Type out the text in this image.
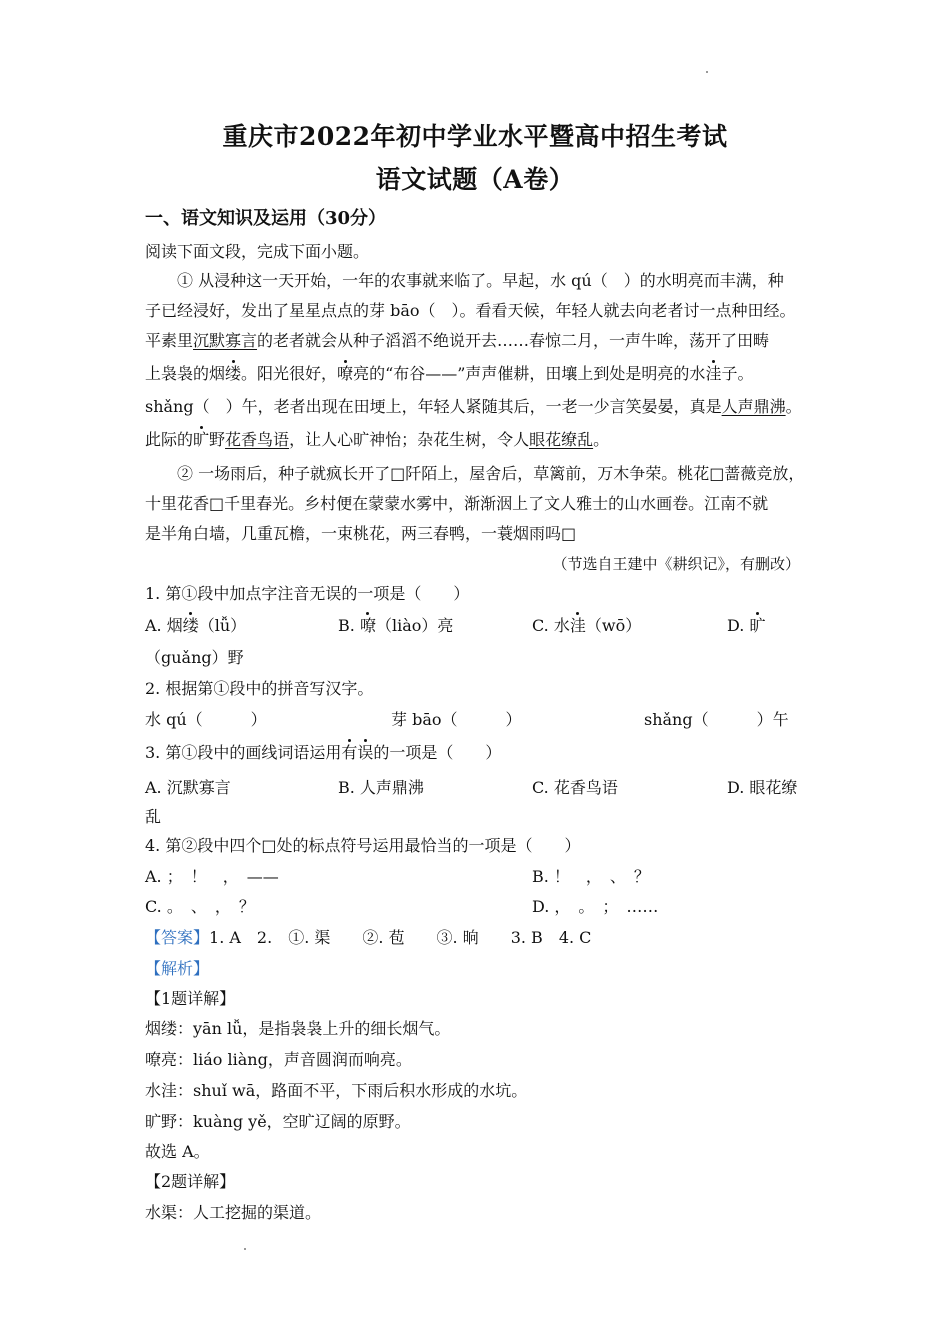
重庆市2022年初中学业水平暨高中招生考试
语文试题（A卷）
一、语文知识及运用（30分）
阅读下面文段，完成下面小题。
① 从浸种这一天开始，一年的农事就来临了。早起，水 qú（　）的水明亮而丰满，种
子已经浸好，发出了星星点点的芽 bāo（　）。看看天候，年轻人就去向老者讨一点种田经。
平素里沉默寡言的老者就会从种子滔滔不绝说开去……春惊二月，一声牛哞，荡开了田畴
上袅袅的烟缕。阳光很好，嘹亮的“布谷——”声声催耕，田壤上到处是明亮的水洼子。
shǎng（　）午，老者出现在田埂上，年轻人紧随其后，一老一少言笑晏晏，真是人声鼎沸。
此际的旷野花香鸟语，让人心旷神怡；杂花生树，令人眼花缭乱。
② 一场雨后，种子就疯长开了□阡陌上，屋舍后，草篱前，万木争荣。桃花□蔷薇竞放，
十里花香□千里春光。乡村便在蒙蒙水雾中，渐渐洇上了文人雅士的山水画卷。江南不就
是半角白墙，几重瓦檐，一束桃花，两三春鸭，一蓑烟雨吗□
（节选自王建中《耕织记》，有删改）
1. 第①段中加点字注音无误的一项是（　　）
A. 烟缕（lǚ）	B. 嘹（liào）亮	C. 水洼（wō）	D. 旷
（guǎng）野
2. 根据第①段中的拼音写汉字。
水 qú（　　　）	芽 bāo（　　　）	shǎng（　　　）午
3. 第①段中的画线词语运用有误的一项是（　　）
A. 沉默寡言	B. 人声鼎沸	C. 花香鸟语	D. 眼花缭
乱
4. 第②段中四个□处的标点符号运用最恰当的一项是（　　）
A. ；　！　，　——	B. ！　，　、　？
C. 。　、　，　？	D. ，　。　；　……
【答案】1. A　2.　①. 渠　　②. 苞　　③. 晌　　3. B　4. C
【解析】
【1题详解】
烟缕：yān lǚ，是指袅袅上升的细长烟气。
嘹亮：liáo liàng，声音圆润而响亮。
水洼：shuǐ wā，路面不平，下雨后积水形成的水坑。
旷野：kuàng yě，空旷辽阔的原野。
故选 A。
【2题详解】
水渠：人工挖掘的渠道。
